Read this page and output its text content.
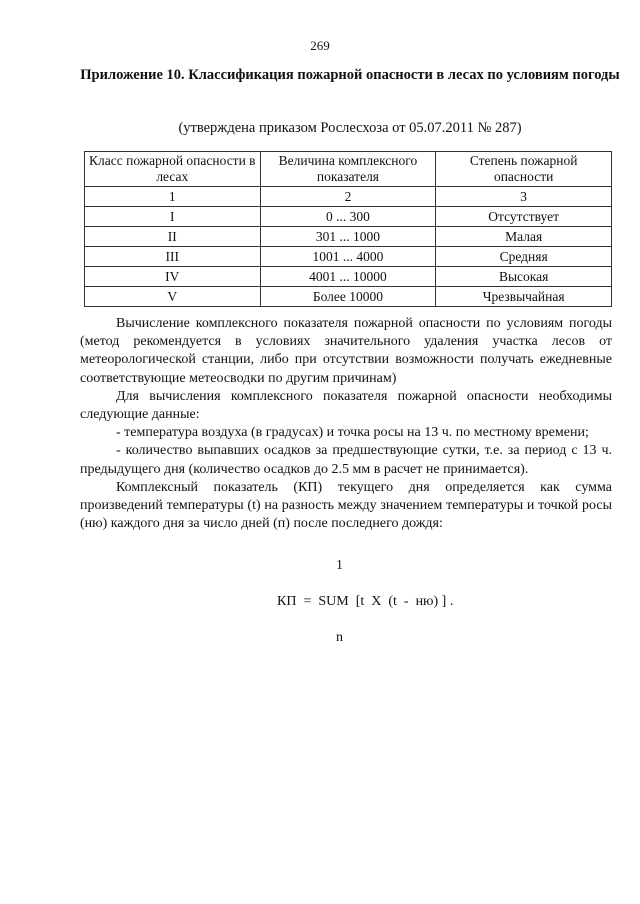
269
Приложение 10. Классификация пожарной опасности в лесах по условиям погоды
(утверждена приказом Рослесхоза от 05.07.2011 № 287)
Класс пожарной опасности в лесах	Величина комплексного показателя	Степень пожарной опасности
1	2	3
I	0 ... 300	Отсутствует
II	301 ... 1000	Малая
III	1001 ... 4000	Средняя
IV	4001 ... 10000	Высокая
V	Более 10000	Чрезвычайная

Вычисление комплексного показателя пожарной опасности по условиям погоды (метод рекомендуется в условиях значительного удаления участка лесов от метеорологической станции, либо при отсутствии возможности получать ежедневные соответствующие метеосводки по другим причинам)

Для вычисления комплексного показателя пожарной опасности необходимы следующие данные:

- температура воздуха (в градусах) и точка росы на 13 ч. по местному времени;

- количество выпавших осадков за предшествующие сутки, т.е. за период с 13 ч. предыдущего дня (количество осадков до 2.5 мм в расчет не принимается).

Комплексный показатель (КП) текущего дня определяется как сумма произведений температуры (t) на разность между значением температуры и точкой росы (ню) каждого дня за число дней (п) после последнего дождя:

1

КП  =  SUM  [t  X  (t  -  ню) ] .

n
